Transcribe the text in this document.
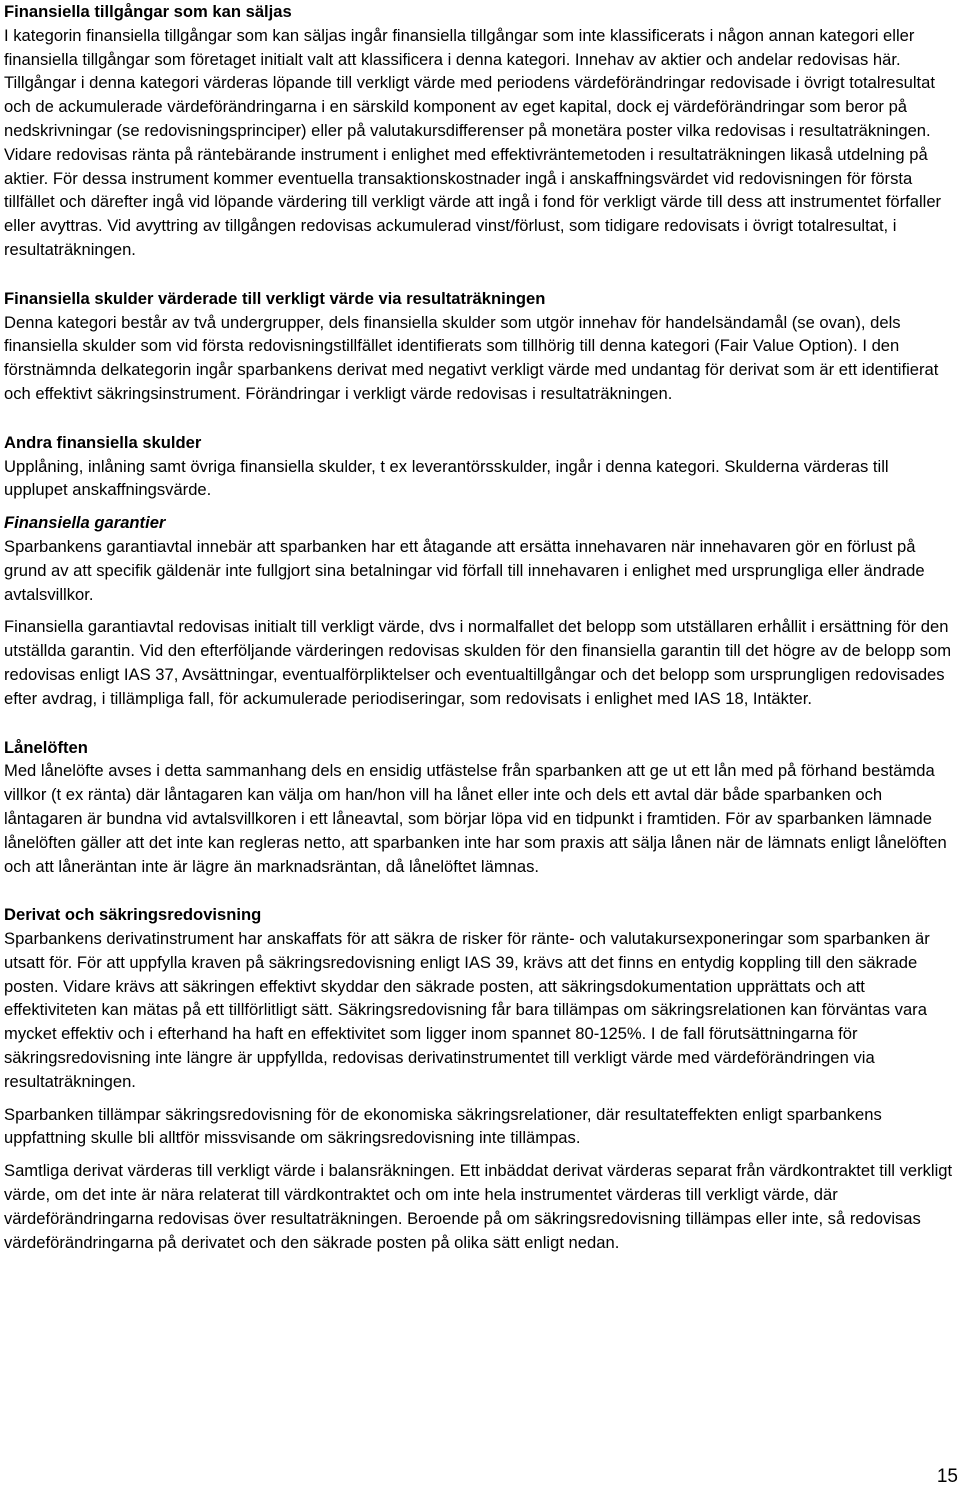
Finansiella tillgångar som kan säljas

I kategorin finansiella tillgångar som kan säljas ingår finansiella tillgångar som inte klassificerats i någon annan kategori eller finansiella tillgångar som företaget initialt valt att klassificera i denna kategori. Innehav av aktier och andelar redovisas här. Tillgångar i denna kategori värderas löpande till verkligt värde med periodens värdeförändringar redovisade i övrigt totalresultat och de ackumulerade värdeförändringarna i en särskild komponent av eget kapital, dock ej värdeförändringar som beror på nedskrivningar (se redovisningsprinciper) eller på valutakursdifferenser på monetära poster vilka redovisas i resultaträkningen. Vidare redovisas ränta på räntebärande instrument i enlighet med effektivräntemetoden i resultaträkningen likaså utdelning på aktier. För dessa instrument kommer eventuella transaktionskostnader ingå i anskaffningsvärdet vid redovisningen för första tillfället och därefter ingå vid löpande värdering till verkligt värde att ingå i fond för verkligt värde till dess att instrumentet förfaller eller avyttras. Vid avyttring av tillgången redovisas ackumulerad vinst/förlust, som tidigare redovisats i övrigt totalresultat, i resultaträkningen.

Finansiella skulder värderade till verkligt värde via resultaträkningen

Denna kategori består av två undergrupper, dels finansiella skulder som utgör innehav för handelsändamål (se ovan), dels finansiella skulder som vid första redovisningstillfället identifierats som tillhörig till denna kategori (Fair Value Option). I den förstnämnda delkategorin ingår sparbankens derivat med negativt verkligt värde med undantag för derivat som är ett identifierat och effektivt säkringsinstrument. Förändringar i verkligt värde redovisas i resultaträkningen.

Andra finansiella skulder

Upplåning, inlåning samt övriga finansiella skulder, t ex leverantörsskulder, ingår i denna kategori. Skulderna värderas till upplupet anskaffningsvärde.

Finansiella garantier

Sparbankens garantiavtal innebär att sparbanken har ett åtagande att ersätta innehavaren när innehavaren gör en förlust på grund av att specifik gäldenär inte fullgjort sina betalningar vid förfall till innehavaren i enlighet med ursprungliga eller ändrade avtalsvillkor.

Finansiella garantiavtal redovisas initialt till verkligt värde, dvs i normalfallet det belopp som utställaren erhållit i ersättning för den utställda garantin. Vid den efterföljande värderingen redovisas skulden för den finansiella garantin till det högre av de belopp som redovisas enligt IAS 37, Avsättningar, eventualförpliktelser och eventualtillgångar och det belopp som ursprungligen redovisades efter avdrag, i tillämpliga fall, för ackumulerade periodiseringar, som redovisats i enlighet med IAS 18, Intäkter.

Lånelöften

Med lånelöfte avses i detta sammanhang dels en ensidig utfästelse från sparbanken att ge ut ett lån med på förhand bestämda villkor (t ex ränta) där låntagaren kan välja om han/hon vill ha lånet eller inte och dels ett avtal där både sparbanken och låntagaren är bundna vid avtalsvillkoren i ett låneavtal, som börjar löpa vid en tidpunkt i framtiden. För av sparbanken lämnade lånelöften gäller att det inte kan regleras netto, att sparbanken inte har som praxis att sälja lånen när de lämnats enligt lånelöften och att låneräntan inte är lägre än marknadsräntan, då lånelöftet lämnas.

Derivat och säkringsredovisning

Sparbankens derivatinstrument har anskaffats för att säkra de risker för ränte- och valutakursexponeringar som sparbanken är utsatt för. För att uppfylla kraven på säkringsredovisning enligt IAS 39, krävs att det finns en entydig koppling till den säkrade posten. Vidare krävs att säkringen effektivt skyddar den säkrade posten, att säkringsdokumentation upprättats och att effektiviteten kan mätas på ett tillförlitligt sätt. Säkringsredovisning får bara tillämpas om säkringsrelationen kan förväntas vara mycket effektiv och i efterhand ha haft en effektivitet som ligger inom spannet 80-125%. I de fall förutsättningarna för säkringsredovisning inte längre är uppfyllda, redovisas derivatinstrumentet till verkligt värde med värdeförändringen via resultaträkningen.

Sparbanken tillämpar säkringsredovisning för de ekonomiska säkringsrelationer, där resultateffekten enligt sparbankens uppfattning skulle bli alltför missvisande om säkringsredovisning inte tillämpas.

Samtliga derivat värderas till verkligt värde i balansräkningen. Ett inbäddat derivat värderas separat från värdkontraktet till verkligt värde, om det inte är nära relaterat till värdkontraktet och om inte hela instrumentet värderas till verkligt värde, där värdeförändringarna redovisas över resultaträkningen. Beroende på om säkringsredovisning tillämpas eller inte, så redovisas värdeförändringarna på derivatet och den säkrade posten på olika sätt enligt nedan.

15
